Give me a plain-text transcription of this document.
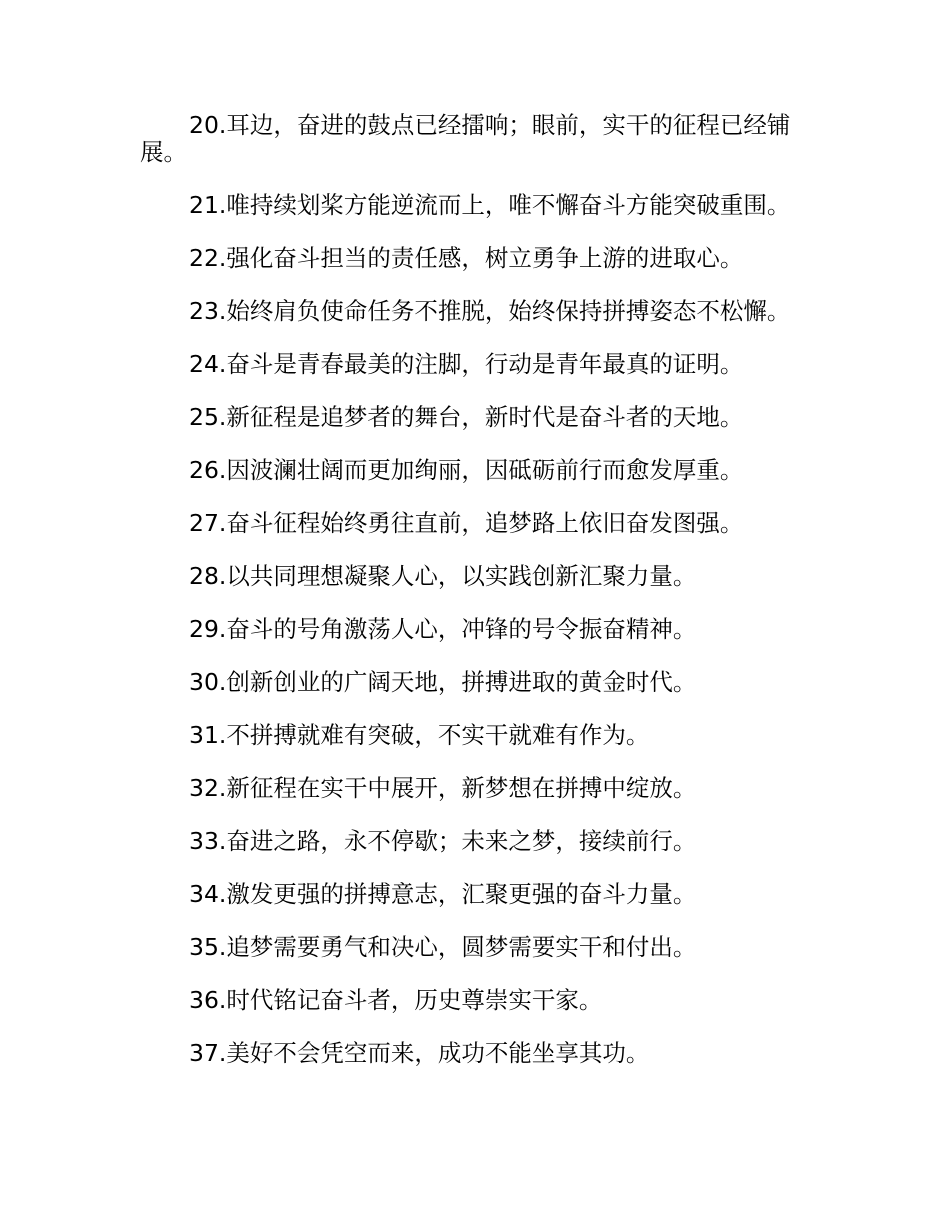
20.耳边，奋进的鼓点已经擂响；眼前，实干的征程已经铺展。

21.唯持续划桨方能逆流而上，唯不懈奋斗方能突破重围。

22.强化奋斗担当的责任感，树立勇争上游的进取心。

23.始终肩负使命任务不推脱，始终保持拼搏姿态不松懈。

24.奋斗是青春最美的注脚，行动是青年最真的证明。

25.新征程是追梦者的舞台，新时代是奋斗者的天地。

26.因波澜壮阔而更加绚丽，因砥砺前行而愈发厚重。

27.奋斗征程始终勇往直前，追梦路上依旧奋发图强。

28.以共同理想凝聚人心，以实践创新汇聚力量。

29.奋斗的号角激荡人心，冲锋的号令振奋精神。

30.创新创业的广阔天地，拼搏进取的黄金时代。

31.不拼搏就难有突破，不实干就难有作为。

32.新征程在实干中展开，新梦想在拼搏中绽放。

33.奋进之路，永不停歇；未来之梦，接续前行。

34.激发更强的拼搏意志，汇聚更强的奋斗力量。

35.追梦需要勇气和决心，圆梦需要实干和付出。

36.时代铭记奋斗者，历史尊崇实干家。

37.美好不会凭空而来，成功不能坐享其功。
